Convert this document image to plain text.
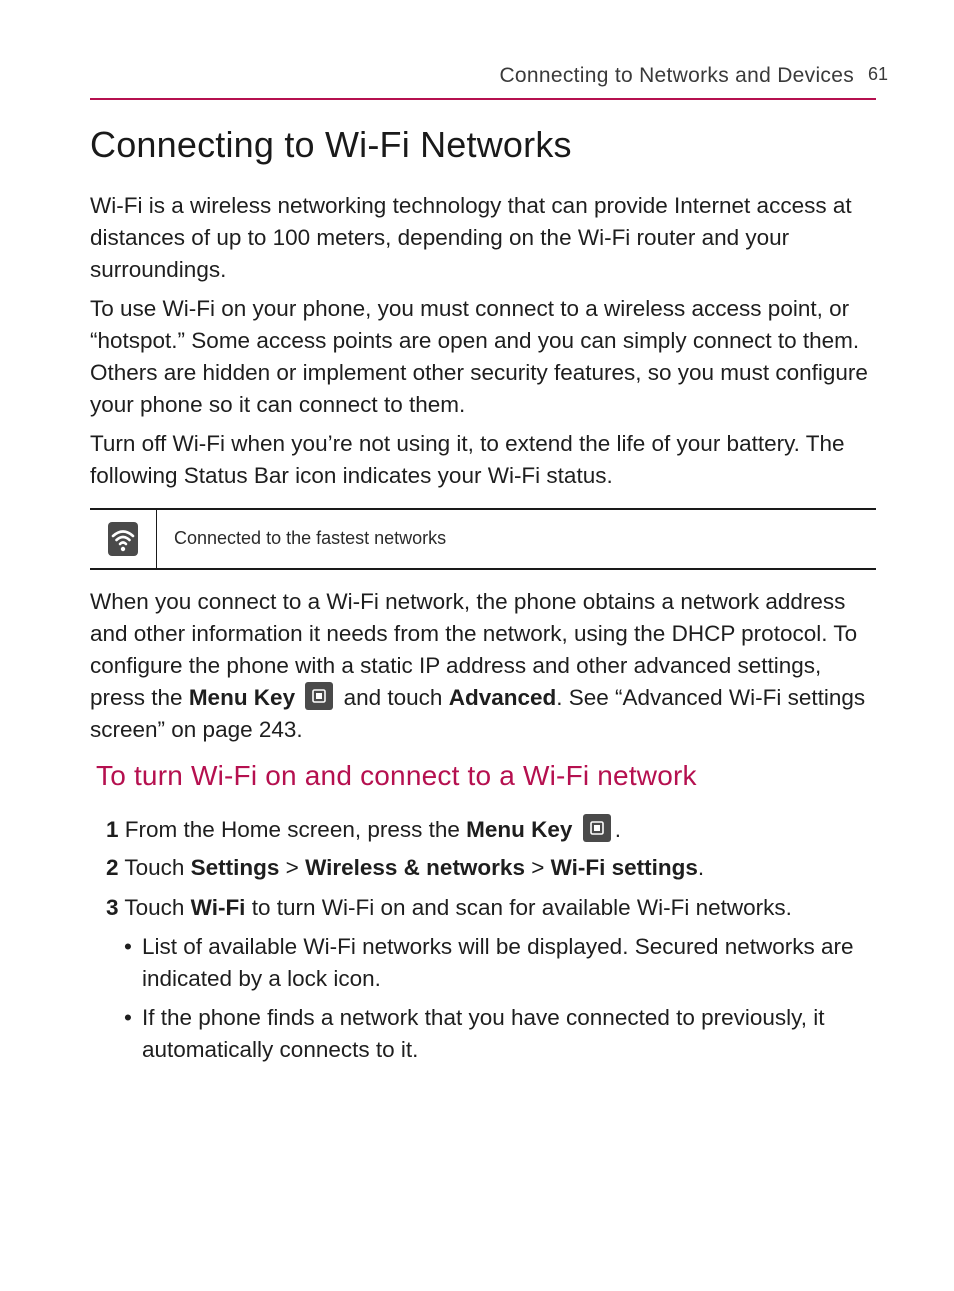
Connecting to Networks and Devices 61
Connecting to Wi-Fi Networks

Wi-Fi is a wireless networking technology that can provide Internet access at distances of up to 100 meters, depending on the Wi-Fi router and your surroundings.

To use Wi-Fi on your phone, you must connect to a wireless access point, or “hotspot.” Some access points are open and you can simply connect to them. Others are hidden or implement other security features, so you must configure your phone so it can connect to them.

Turn off Wi-Fi when you’re not using it, to extend the life of your battery. The following Status Bar icon indicates your Wi-Fi status.

Connected to the fastest networks

When you connect to a Wi-Fi network, the phone obtains a network address and other information it needs from the network, using the DHCP protocol. To configure the phone with a static IP address and other advanced settings, press the Menu Key
and touch Advanced. See “Advanced Wi-Fi settings screen” on page 243.

To turn Wi-Fi on and connect to a Wi-Fi network
1 From the Home screen, press the Menu Key .
2 Touch Settings > Wireless & networks > Wi-Fi settings.
3 Touch Wi-Fi to turn Wi-Fi on and scan for available Wi-Fi networks.
• List of available Wi-Fi networks will be displayed. Secured networks are indicated by a lock icon.
• If the phone finds a network that you have connected to previously, it automatically connects to it.
